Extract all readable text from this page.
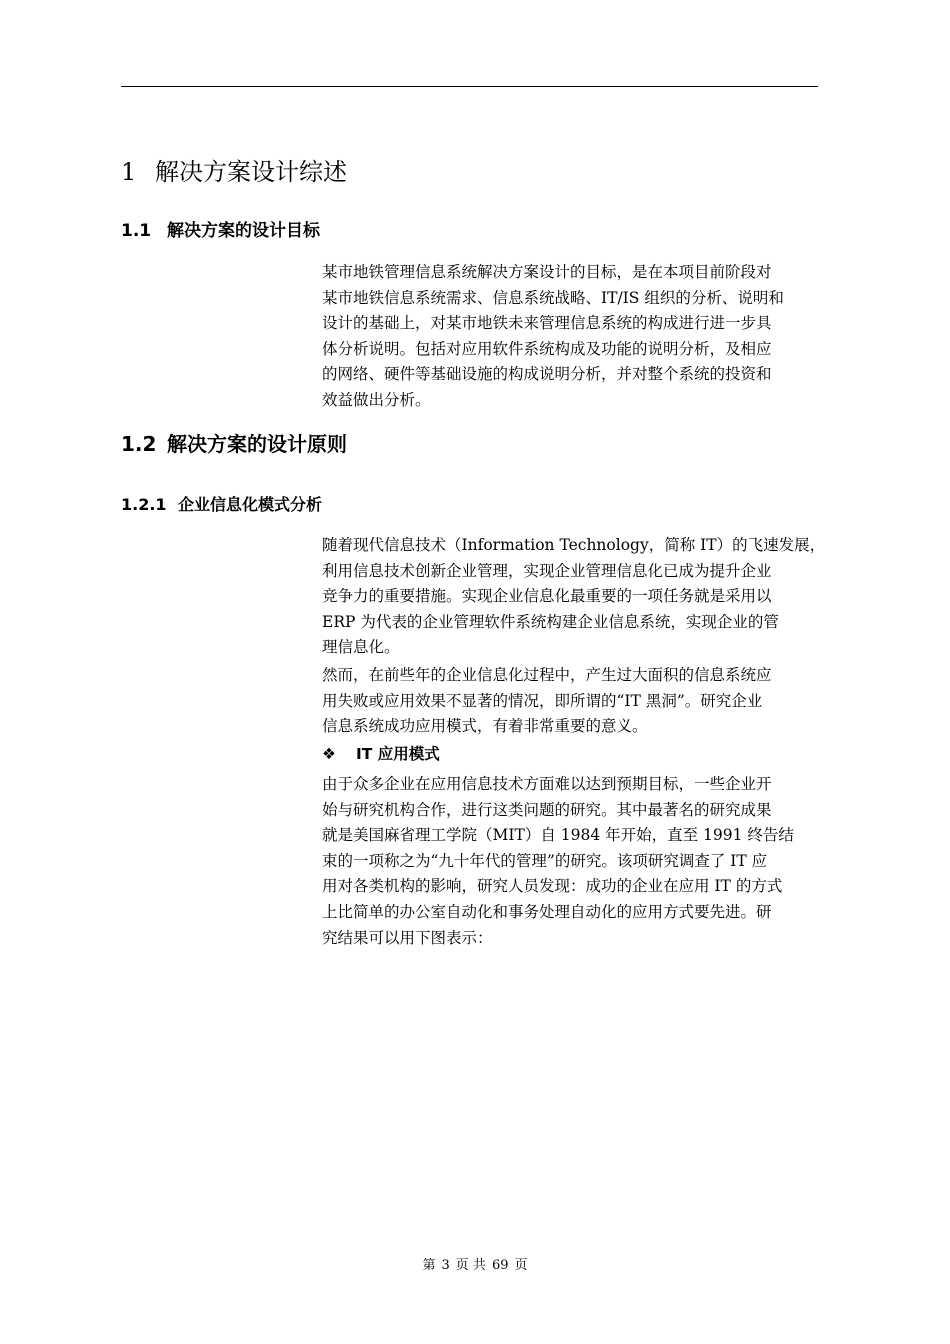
1 解决方案设计综述
1.1 解决方案的设计目标
某市地铁管理信息系统解决方案设计的目标，是在本项目前阶段对
某市地铁信息系统需求、信息系统战略、IT/IS 组织的分析、说明和
设计的基础上，对某市地铁未来管理信息系统的构成进行进一步具
体分析说明。包括对应用软件系统构成及功能的说明分析，及相应
的网络、硬件等基础设施的构成说明分析，并对整个系统的投资和
效益做出分析。
1.2 解决方案的设计原则
1.2.1 企业信息化模式分析
随着现代信息技术（Information Technology，简称 IT）的飞速发展，
利用信息技术创新企业管理，实现企业管理信息化已成为提升企业
竞争力的重要措施。实现企业信息化最重要的一项任务就是采用以
ERP 为代表的企业管理软件系统构建企业信息系统，实现企业的管
理信息化。
然而，在前些年的企业信息化过程中，产生过大面积的信息系统应
用失败或应用效果不显著的情况，即所谓的“IT 黑洞”。研究企业
信息系统成功应用模式，有着非常重要的意义。
❖ IT 应用模式
由于众多企业在应用信息技术方面难以达到预期目标，一些企业开
始与研究机构合作，进行这类问题的研究。其中最著名的研究成果
就是美国麻省理工学院（MIT）自 1984 年开始，直至 1991 终告结
束的一项称之为“九十年代的管理”的研究。该项研究调查了 IT 应
用对各类机构的影响，研究人员发现：成功的企业在应用 IT 的方式
上比简单的办公室自动化和事务处理自动化的应用方式要先进。研
究结果可以用下图表示：
第 3 页 共 69 页
